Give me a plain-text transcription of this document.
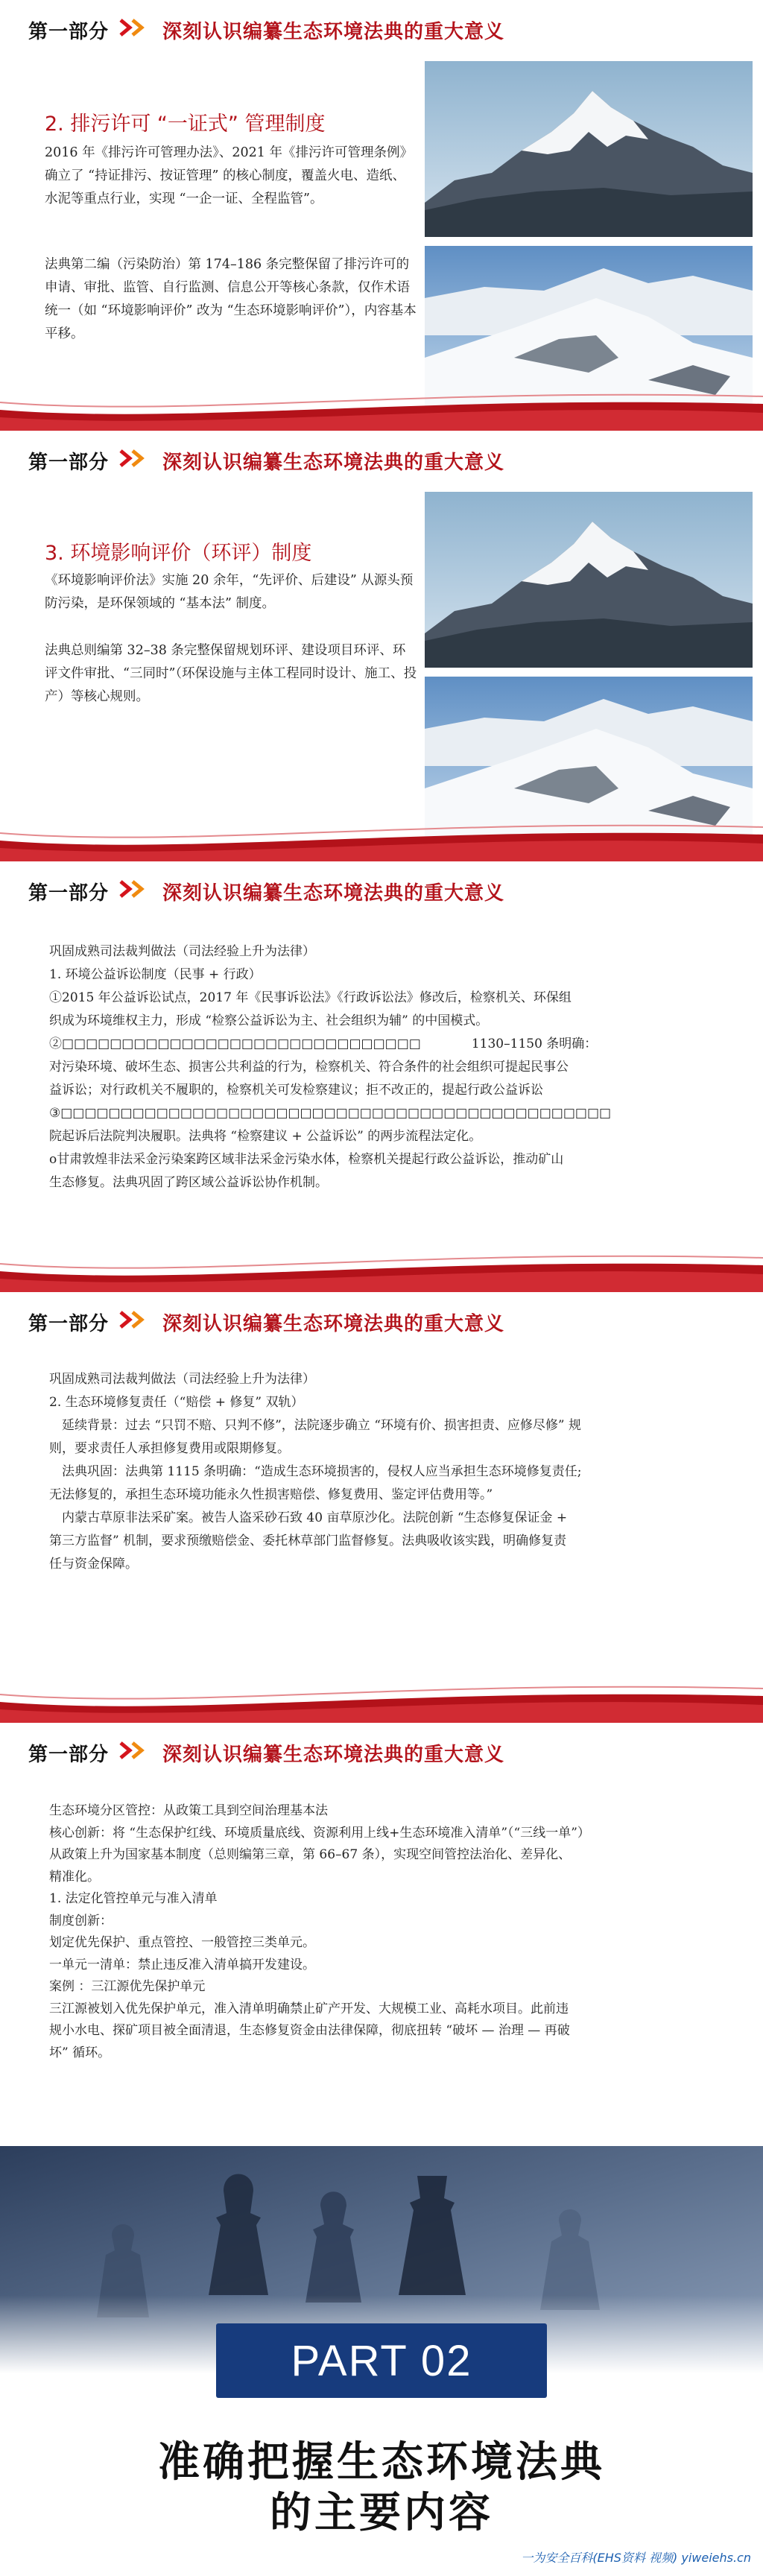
第一部分	深刻认识编纂生态环境法典的重大意义
2. 排污许可 “一证式” 管理制度
2016 年《排污许可管理办法》、2021 年《排污许可管理条例》确立了 “持证排污、按证管理” 的核心制度，覆盖火电、造纸、水泥等重点行业，实现 “一企一证、全程监管”。
法典第二编（污染防治）第 174–186 条完整保留了排污许可的申请、审批、监管、自行监测、信息公开等核心条款，仅作术语统一（如 “环境影响评价” 改为 “生态环境影响评价”），内容基本平移。
第一部分	深刻认识编纂生态环境法典的重大意义
3. 环境影响评价（环评）制度
《环境影响评价法》实施 20 余年，“先评价、后建设” 从源头预防污染，是环保领域的 “基本法” 制度。
法典总则编第 32–38 条完整保留规划环评、建设项目环评、环评文件审批、“三同时”（环保设施与主体工程同时设计、施工、投产）等核心规则。
第一部分	深刻认识编纂生态环境法典的重大意义
巩固成熟司法裁判做法（司法经验上升为法律）
1. 环境公益诉讼制度（民事 + 行政）
①2015 年公益诉讼试点，2017 年《民事诉讼法》《行政诉讼法》修改后，检察机关、环保组
织成为环境维权主力，形成 “检察公益诉讼为主、社会组织为辅” 的中国模式。
②□□□□□□□□□□□□□□□□□□□□□□□□□□□□□□　　　　1130–1150 条明确：
对污染环境、破坏生态、损害公共利益的行为，检察机关、符合条件的社会组织可提起民事公
益诉讼；对行政机关不履职的，检察机关可发检察建议；拒不改正的，提起行政公益诉讼
③□□□□□□□□□□□□□□□□□□□□□□□□□□□□□□□□□□□□□□□□□□□□□□
院起诉后法院判决履职。法典将 “检察建议 + 公益诉讼” 的两步流程法定化。
o甘肃敦煌非法采金污染案跨区域非法采金污染水体，检察机关提起行政公益诉讼，推动矿山
生态修复。法典巩固了跨区域公益诉讼协作机制。
第一部分	深刻认识编纂生态环境法典的重大意义
巩固成熟司法裁判做法（司法经验上升为法律）
2. 生态环境修复责任（“赔偿 + 修复” 双轨）
　延续背景：过去 “只罚不赔、只判不修”，法院逐步确立 “环境有价、损害担责、应修尽修” 规
则，要求责任人承担修复费用或限期修复。
　法典巩固：法典第 1115 条明确：“造成生态环境损害的，侵权人应当承担生态环境修复责任;
无法修复的，承担生态环境功能永久性损害赔偿、修复费用、鉴定评估费用等。”
　内蒙古草原非法采矿案。被告人盗采砂石致 40 亩草原沙化。法院创新 “生态修复保证金 +
第三方监督” 机制，要求预缴赔偿金、委托林草部门监督修复。法典吸收该实践，明确修复责
任与资金保障。
第一部分	深刻认识编纂生态环境法典的重大意义
生态环境分区管控：从政策工具到空间治理基本法
核心创新：将 “生态保护红线、环境质量底线、资源利用上线+生态环境准入清单”（“三线一单”）
从政策上升为国家基本制度（总则编第三章，第 66–67 条），实现空间管控法治化、差异化、
精准化。
1. 法定化管控单元与准入清单
制度创新：
划定优先保护、重点管控、一般管控三类单元。
一单元一清单：禁止违反准入清单搞开发建设。
案例 ：三江源优先保护单元
三江源被划入优先保护单元，准入清单明确禁止矿产开发、大规模工业、高耗水项目。此前违
规小水电、探矿项目被全面清退，生态修复资金由法律保障，彻底扭转 “破坏 — 治理 — 再破
坏” 循环。
PART 02
准确把握生态环境法典
的主要内容
一为安全百科(EHS资料 视频) yiweiehs.cn
